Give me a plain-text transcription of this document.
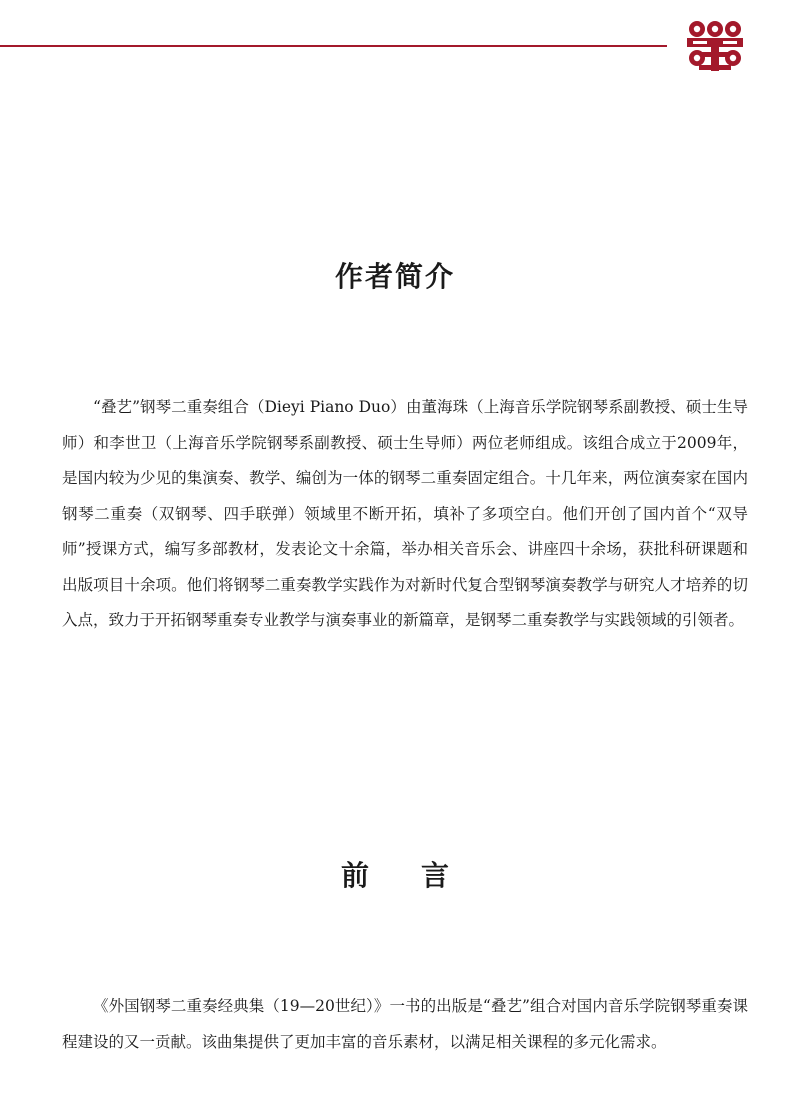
作者简介

“叠艺”钢琴二重奏组合（Dieyi Piano Duo）由董海珠（上海音乐学院钢琴系副教授、硕士生导师）和李世卫（上海音乐学院钢琴系副教授、硕士生导师）两位老师组成。该组合成立于2009年，是国内较为少见的集演奏、教学、编创为一体的钢琴二重奏固定组合。十几年来，两位演奏家在国内钢琴二重奏（双钢琴、四手联弹）领域里不断开拓，填补了多项空白。他们开创了国内首个“双导师”授课方式，编写多部教材，发表论文十余篇，举办相关音乐会、讲座四十余场，获批科研课题和出版项目十余项。他们将钢琴二重奏教学实践作为对新时代复合型钢琴演奏教学与研究人才培养的切入点，致力于开拓钢琴重奏专业教学与演奏事业的新篇章，是钢琴二重奏教学与实践领域的引领者。

前 言

《外国钢琴二重奏经典集（19—20世纪）》一书的出版是“叠艺”组合对国内音乐学院钢琴重奏课程建设的又一贡献。该曲集提供了更加丰富的音乐素材，以满足相关课程的多元化需求。
